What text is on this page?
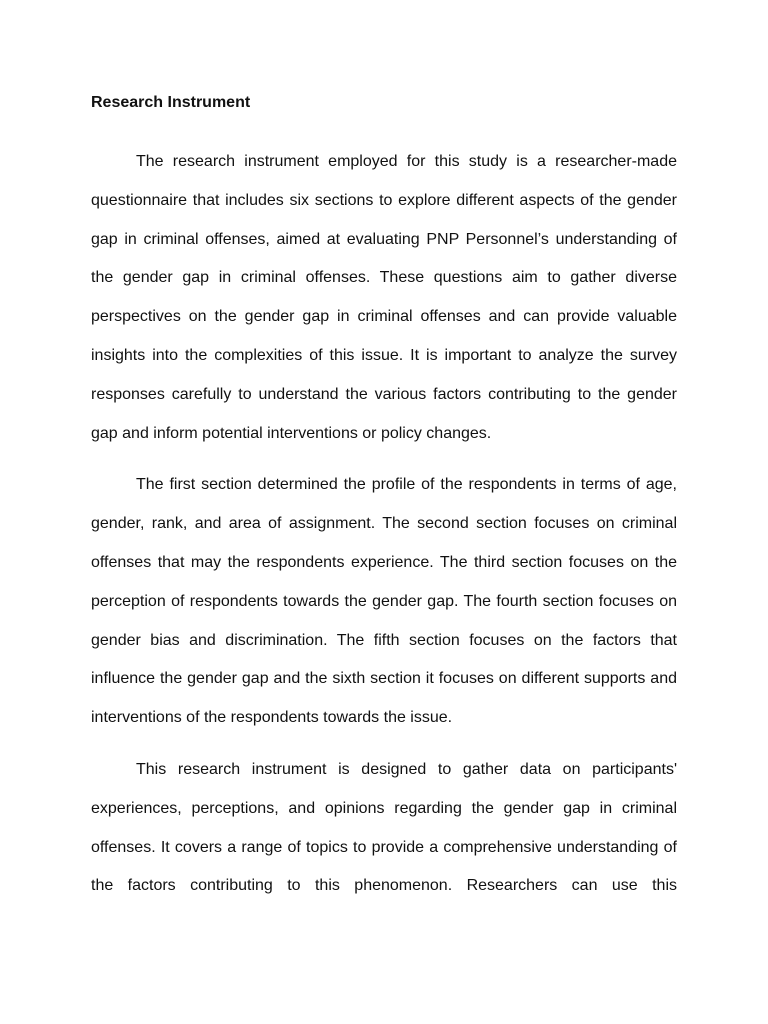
Research Instrument

The research instrument employed for this study is a researcher-made questionnaire that includes six sections to explore different aspects of the gender gap in criminal offenses, aimed at evaluating PNP Personnel’s understanding of the gender gap in criminal offenses. These questions aim to gather diverse perspectives on the gender gap in criminal offenses and can provide valuable insights into the complexities of this issue. It is important to analyze the survey responses carefully to understand the various factors contributing to the gender gap and inform potential interventions or policy changes.

The first section determined the profile of the respondents in terms of age, gender, rank, and area of assignment. The second section focuses on criminal offenses that may the respondents experience. The third section focuses on the perception of respondents towards the gender gap. The fourth section focuses on gender bias and discrimination. The fifth section focuses on the factors that influence the gender gap and the sixth section it focuses on different supports and interventions of the respondents towards the issue.

This research instrument is designed to gather data on participants' experiences, perceptions, and opinions regarding the gender gap in criminal offenses. It covers a range of topics to provide a comprehensive understanding of the factors contributing to this phenomenon. Researchers can use this
